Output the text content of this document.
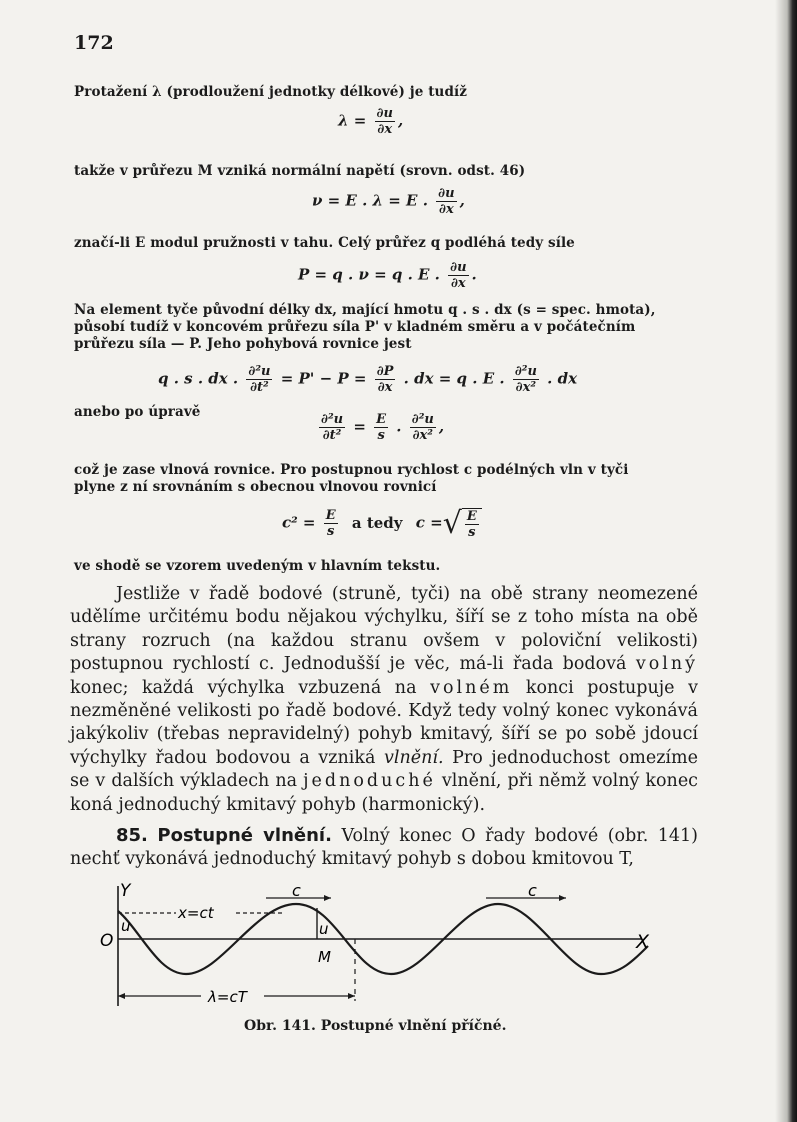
172
Protažení λ (prodloužení jednotky délkové) je tudíž
$\lambda = \frac{\partial u}{\partial x}$ ,
takže v průřezu M vzniká normální napětí (srovn. odst. 46)
ν = E . λ = E . $\frac{\partial u}{\partial x}$ ,
značí-li E modul pružnosti v tahu. Celý průřez q podléhá tedy síle
P = q . ν = q . E . $\frac{\partial u}{\partial x}$ .
Na element tyče původní délky dx, mající hmotu q . s . dx (s = spec. hmota),
působí tudíž v koncovém průřezu síla P' v kladném směru a v počátečním
průřezu síla — P. Jeho pohybová rovnice jest
q . s . dx . $\frac{\text{∂²u}}{\text{∂t²}} = P' - P = \frac{\partial P}{\partial x}$ . dx = q . E . $\frac{\text{∂²u}}{\text{∂x²}}$ . dx
anebo po úpravě	$\frac{\text{∂²u}}{\text{∂t²}} = \frac{E}{s}$ . $\frac{\text{∂²u}}{\text{∂x²}}$ ,
což je zase vlnová rovnice. Pro postupnou rychlost c podélných vln v tyči
plyne z ní srovnáním s obecnou vlnovou rovnicí
$c^2 = \frac{E}{s}$ a tedy c =√ $\frac{E}{s}$
ve shodě se vzorem uvedeným v hlavním tekstu.

Jestliže v řadě bodové (struně, tyči) na obě strany neomezené udělíme určitému bodu nějakou výchylku, šíří se z toho místa na obě strany rozruch (na každou stranu ovšem v poloviční velikosti) postupnou rychlostí c. Jednodušší je věc, má-li řada bodová volný konec; každá výchylka vzbuzená na volném konci postupuje v nezměněné velikosti po řadě bodové. Když tedy volný konec vykonává jakýkoliv (třebas nepravidelný) pohyb kmitavý, šíří se po sobě jdoucí výchylky řadou bodovou a vzniká vlnění. Pro jednoduchost omezíme se v dalších výkladech na jednoduché vlnění, při němž volný konec koná jednoduchý kmitavý pohyb (harmonický).

85. Postupné vlnění. Volný konec O řady bodové (obr. 141) nechť vykonává jednoduchý kmitavý pohyb s dobou kmitovou T,

Y	c	c
x=ct
u	u
O	X
M
λ=cT
Obr. 141. Postupné vlnění příčné.
